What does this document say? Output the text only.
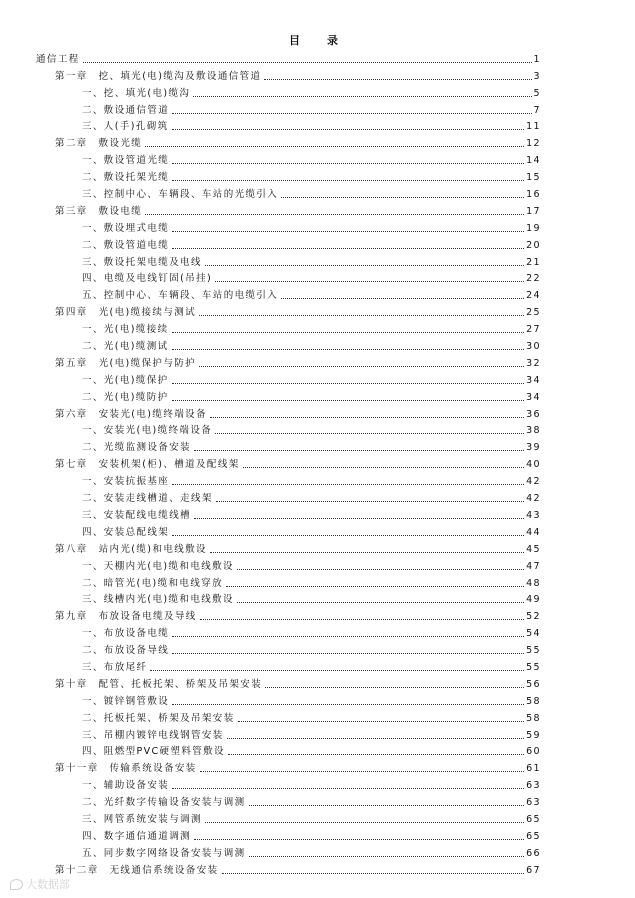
目　录
通信工程	1
第一章　挖、填光(电)缆沟及敷设通信管道	3
一、挖、填光(电)缆沟	5
二、敷设通信管道	7
三、人(手)孔砌筑	11
第二章　敷设光缆	12
一、敷设管道光缆	14
二、敷设托架光缆	15
三、控制中心、车辆段、车站的光缆引入	16
第三章　敷设电缆	17
一、敷设埋式电缆	19
二、敷设管道电缆	20
三、敷设托架电缆及电线	21
四、电缆及电线钉固(吊挂)	22
五、控制中心、车辆段、车站的电缆引入	24
第四章　光(电)缆接续与测试	25
一、光(电)缆接续	27
二、光(电)缆测试	30
第五章　光(电)缆保护与防护	32
一、光(电)缆保护	34
二、光(电)缆防护	34
第六章　安装光(电)缆终端设备	36
一、安装光(电)缆终端设备	38
二、光缆监测设备安装	39
第七章　安装机架(柜)、槽道及配线架	40
一、安装抗振基座	42
二、安装走线槽道、走线架	42
三、安装配线电缆线槽	43
四、安装总配线架	44
第八章　站内光(缆)和电线敷设	45
一、天棚内光(电)缆和电线敷设	47
二、暗管光(电)缆和电线穿放	48
三、线槽内光(电)缆和电线敷设	49
第九章　布放设备电缆及导线	52
一、布放设备电缆	54
二、布放设备导线	55
三、布放尾纤	55
第十章　配管、托板托架、桥架及吊架安装	56
一、镀锌钢管敷设	58
二、托板托架、桥架及吊架安装	58
三、吊棚内镀锌电线钢管安装	59
四、阻燃型PVC硬塑料管敷设	60
第十一章　传输系统设备安装	61
一、辅助设备安装	63
二、光纤数字传输设备安装与调测	63
三、网管系统安装与调测	65
四、数字通信通道调测	65
五、同步数字网络设备安装与调测	66
第十二章　无线通信系统设备安装	67
大数据部
